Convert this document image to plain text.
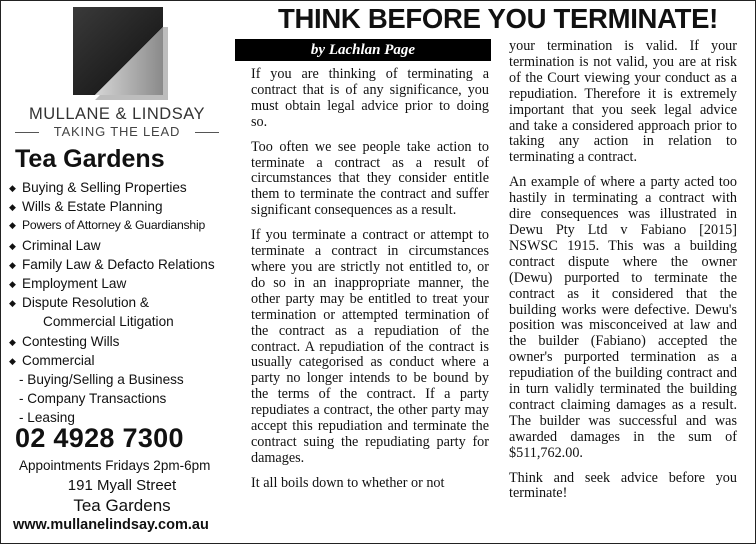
MULLANE & LINDSAY
TAKING THE LEAD
Tea Gardens
◆ Buying & Selling Properties
◆ Wills & Estate Planning
◆ Powers of Attorney & Guardianship
◆ Criminal Law
◆ Family Law & Defacto Relations
◆ Employment Law
◆ Dispute Resolution &
Commercial Litigation
◆ Contesting Wills
◆ Commercial
- Buying/Selling a Business
- Company Transactions
- Leasing
02 4928 7300
Appointments Fridays 2pm-6pm
191 Myall Street
Tea Gardens
www.mullanelindsay.com.au
THINK BEFORE YOU TERMINATE!
by Lachlan Page

If you are thinking of terminating a contract that is of any significance, you must obtain legal advice prior to doing so.

Too often we see people take action to terminate a contract as a result of circumstances that they consider entitle them to terminate the contract and suffer significant consequences as a result.

If you terminate a contract or attempt to terminate a contract in circumstances where you are strictly not entitled to, or do so in an inappropriate manner, the other party may be entitled to treat your termination or attempted termination of the contract as a repudiation of the contract. A repudiation of the contract is usually categorised as conduct where a party no longer intends to be bound by the terms of the contract. If a party repudiates a contract, the other party may accept this repudiation and terminate the contract suing the repudiating party for damages.

It all boils down to whether or not

your termination is valid. If your termination is not valid, you are at risk of the Court viewing your conduct as a repudiation. Therefore it is extremely important that you seek legal advice and take a considered approach prior to taking any action in relation to terminating a contract.

An example of where a party acted too hastily in terminating a contract with dire consequences was illustrated in Dewu Pty Ltd v Fabiano [2015] NSWSC 1915. This was a building contract dispute where the owner (Dewu) purported to terminate the contract as it considered that the building works were defective. Dewu's position was misconceived at law and the builder (Fabiano) accepted the owner's purported termination as a repudiation of the building contract and in turn validly terminated the building contract claiming damages as a result. The builder was successful and was awarded damages in the sum of $511,762.00.

Think and seek advice before you terminate!
